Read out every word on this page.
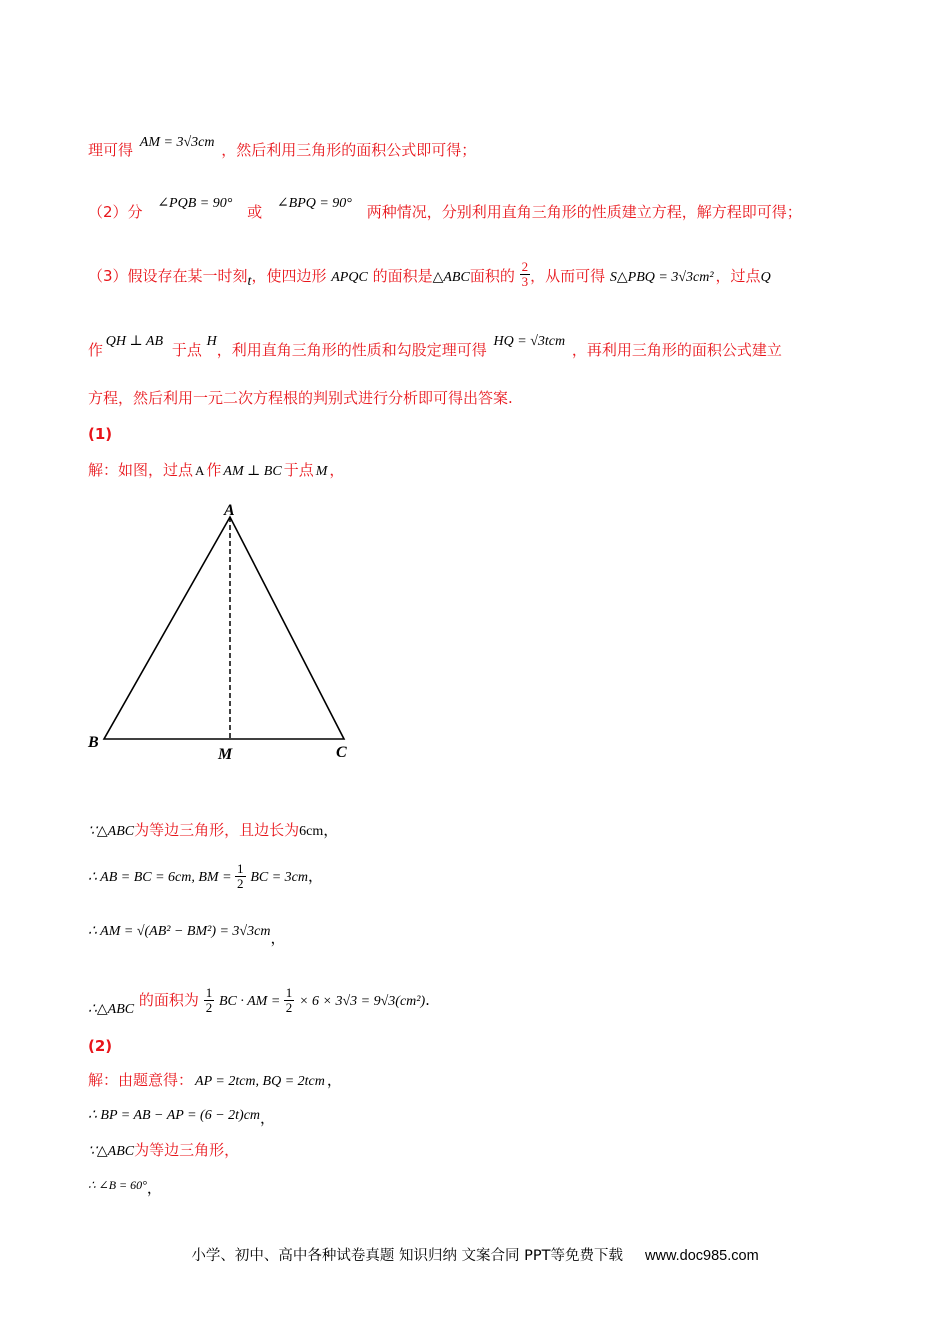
理可得 AM = 3√3cm ，然后利用三角形的面积公式即可得；
（2）分 ∠PQB = 90° 或 ∠BPQ = 90° 两种情况，分别利用直角三角形的性质建立方程，解方程即可得；
（3）假设存在某一时刻t，使四边形 APQC 的面积是△ABC面积的 $\frac{2}{3}$ ，从而可得 S△PBQ = 3√3cm² ，过点Q
作 QH ⊥ AB 于点 H，利用直角三角形的性质和勾股定理可得 HQ = √3tcm ，再利用三角形的面积公式建立
方程，然后利用一元二次方程根的判别式进行分析即可得出答案.
(1)
解：如图，过点 A 作 AM ⊥ BC 于点 M ，
A
B
C
M
∵△ABC为等边三角形，且边长为6cm，
∴ AB = BC = 6cm, BM = $\frac{1}{2}$ BC = 3cm，
∴ AM = √(AB² − BM²) = 3√3cm，
∴△ABC 的面积为 $\frac{1}{2}$ BC · AM = $\frac{1}{2} \times 6 \times 3√3 = 9√3(cm^2)$.
(2)
解：由题意得： AP = 2tcm, BQ = 2tcm ，
∴ BP = AB − AP = (6 − 2t)cm，
∵△ABC为等边三角形，
∴ ∠B = 60°，
小学、初中、高中各种试卷真题 知识归纳 文案合同 PPT等免费下载 www.doc985.com
